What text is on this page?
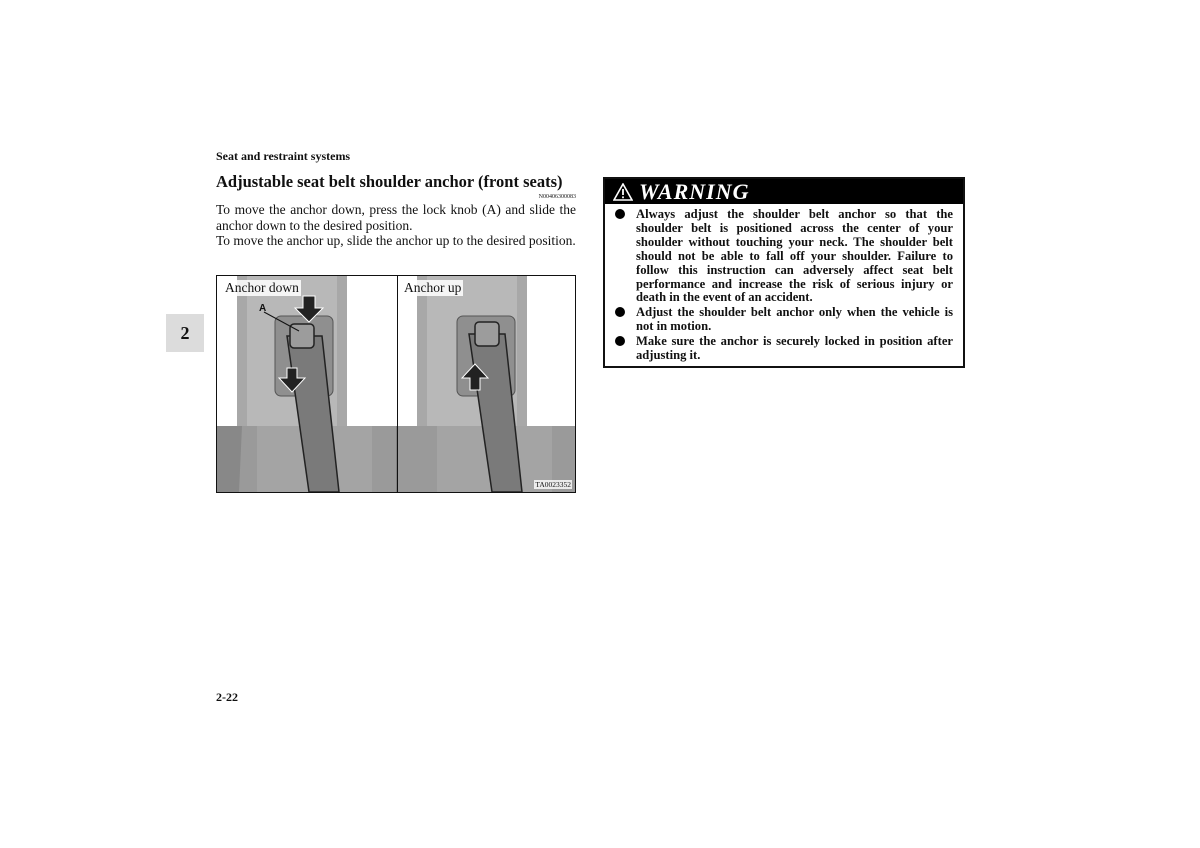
Seat and restraint systems
Adjustable seat belt shoulder anchor (front seats)
N00406300083
To move the anchor down, press the lock knob (A) and slide the anchor down to the desired position.
To move the anchor up, slide the anchor up to the desired position.
2
Anchor down	Anchor up
A
TA0023352
WARNING
Always adjust the shoulder belt anchor so that the shoulder belt is positioned across the center of your shoulder without touching your neck. The shoulder belt should not be able to fall off your shoulder. Failure to follow this instruction can adversely affect seat belt performance and increase the risk of serious injury or death in the event of an accident.
Adjust the shoulder belt anchor only when the vehicle is not in motion.
Make sure the anchor is securely locked in position after adjusting it.
2-22
